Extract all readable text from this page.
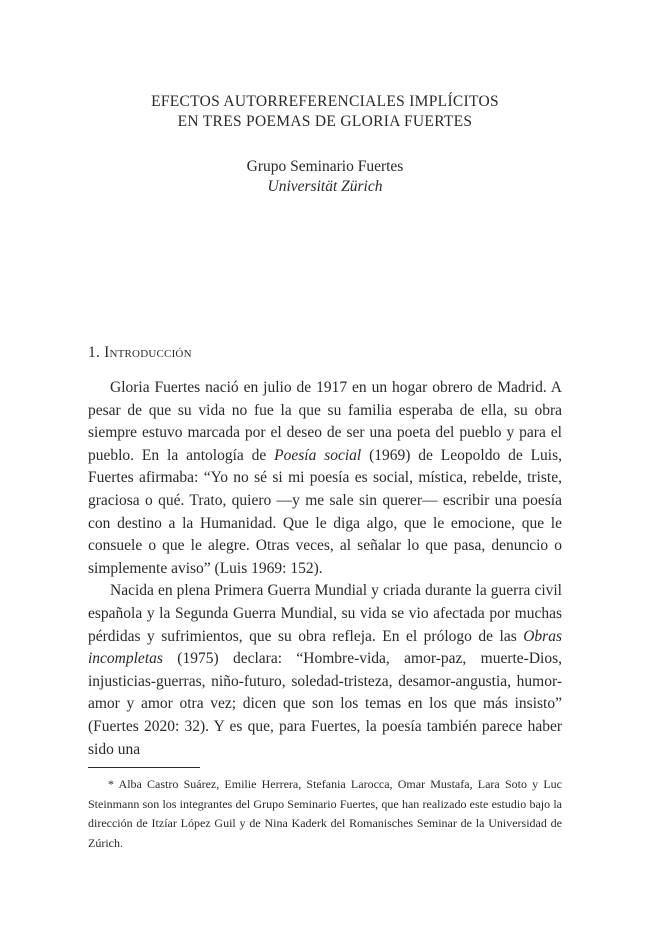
EFECTOS AUTORREFERENCIALES IMPLÍCITOS
EN TRES POEMAS DE GLORIA FUERTES
Grupo Seminario Fuertes
Universität Zürich
1. Introducción

Gloria Fuertes nació en julio de 1917 en un hogar obrero de Madrid. A pesar de que su vida no fue la que su familia esperaba de ella, su obra siempre estuvo marcada por el deseo de ser una poeta del pueblo y para el pueblo. En la antología de Poesía social (1969) de Leopoldo de Luis, Fuertes afirmaba: “Yo no sé si mi poesía es social, mística, rebelde, triste, graciosa o qué. Trato, quiero —y me sale sin querer— escribir una poesía con destino a la Humanidad. Que le diga algo, que le emocione, que le consuele o que le alegre. Otras veces, al señalar lo que pasa, denuncio o simplemente aviso” (Luis 1969: 152).

Nacida en plena Primera Guerra Mundial y criada durante la guerra civil española y la Segunda Guerra Mundial, su vida se vio afectada por muchas pérdidas y sufrimientos, que su obra refleja. En el prólogo de las Obras incompletas (1975) declara: “Hombre-vida, amor-paz, muerte-Dios, injusticias-guerras, niño-futuro, soledad-tristeza, desamor-angustia, humor-amor y amor otra vez; dicen que son los temas en los que más insisto” (Fuertes 2020: 32). Y es que, para Fuertes, la poesía también parece haber sido una

* Alba Castro Suárez, Emilie Herrera, Stefania Larocca, Omar Mustafa, Lara Soto y Luc Steinmann son los integrantes del Grupo Seminario Fuertes, que han realizado este estudio bajo la dirección de Itzíar López Guil y de Nina Kaderk del Romanisches Seminar de la Universidad de Zúrich.
